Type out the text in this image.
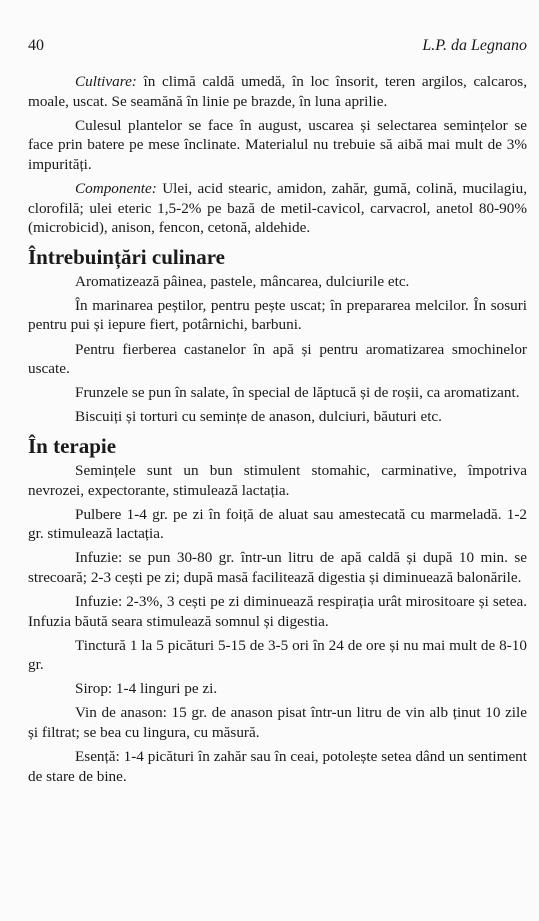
40	L.P. da Legnano

Cultivare: în climă caldă umedă, în loc însorit, teren argilos, calcaros, moale, uscat. Se seamănă în linie pe brazde, în luna aprilie.

Culesul plantelor se face în august, uscarea și selectarea semințelor se face prin batere pe mese înclinate. Materialul nu trebuie să aibă mai mult de 3% impurități.

Componente: Ulei, acid stearic, amidon, zahăr, gumă, colină, mucilagiu, clorofilă; ulei eteric 1,5-2% pe bază de metil-cavicol, carvacrol, anetol 80-90% (microbicid), anison, fencon, cetonă, aldehide.

Întrebuințări culinare

Aromatizează pâinea, pastele, mâncarea, dulciurile etc.

În marinarea peștilor, pentru pește uscat; în prepararea melcilor. În sosuri pentru pui și iepure fiert, potârnichi, barbuni.

Pentru fierberea castanelor în apă și pentru aromatizarea smochinelor uscate.

Frunzele se pun în salate, în special de lăptucă și de roșii, ca aromatizant.

Biscuiți și torturi cu semințe de anason, dulciuri, băuturi etc.

În terapie

Semințele sunt un bun stimulent stomahic, carminative, împotriva nevrozei, expectorante, stimulează lactația.

Pulbere 1-4 gr. pe zi în foiță de aluat sau amestecată cu marmeladă. 1-2 gr. stimulează lactația.

Infuzie: se pun 30-80 gr. într-un litru de apă caldă și după 10 min. se strecoară; 2-3 cești pe zi; după masă facilitează digestia și diminuează balonările.

Infuzie: 2-3%, 3 cești pe zi diminuează respirația urât mirositoare și setea. Infuzia băută seara stimulează somnul și digestia.

Tinctură 1 la 5 picături 5-15 de 3-5 ori în 24 de ore și nu mai mult de 8-10 gr.

Sirop: 1-4 linguri pe zi.

Vin de anason: 15 gr. de anason pisat într-un litru de vin alb ținut 10 zile și filtrat; se bea cu lingura, cu măsură.

Esență: 1-4 picături în zahăr sau în ceai, potolește setea dând un sentiment de stare de bine.
